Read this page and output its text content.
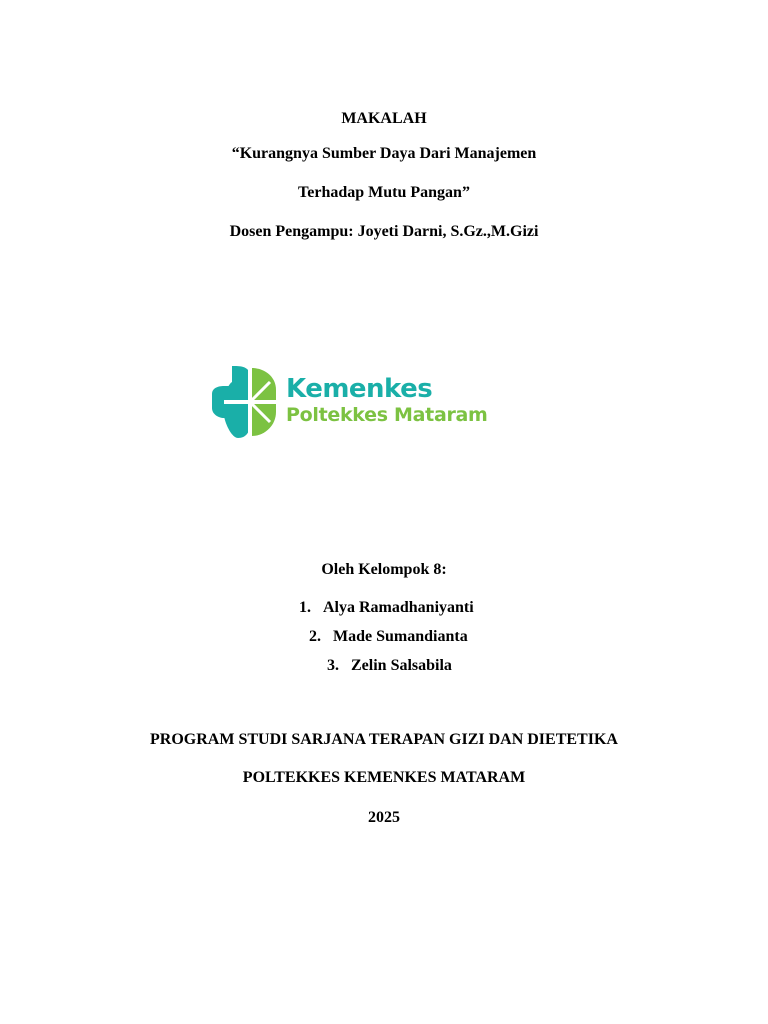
MAKALAH
“Kurangnya Sumber Daya Dari Manajemen
Terhadap Mutu Pangan”
Dosen Pengampu: Joyeti Darni, S.Gz.,M.Gizi
Kemenkes
Poltekkes Mataram
Oleh Kelompok 8:
1. Alya Ramadhaniyanti
2. Made Sumandianta
3. Zelin Salsabila
PROGRAM STUDI SARJANA TERAPAN GIZI DAN DIETETIKA
POLTEKKES KEMENKES MATARAM
2025
